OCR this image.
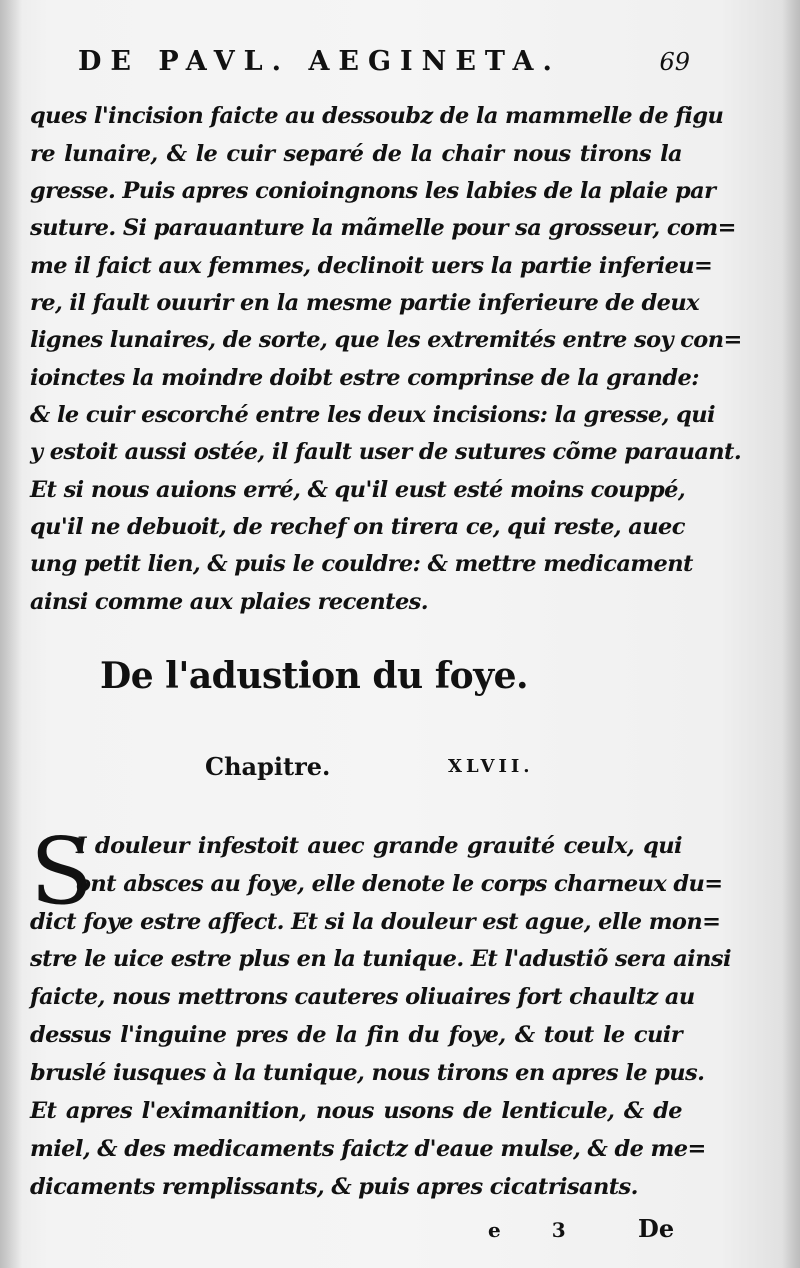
DE PAVL. AEGINETA.	69
ques l'incision faicte au dessoubz de la mammelle de figu
re lunaire, & le cuir separé de la chair nous tirons la
gresse. Puis apres conioingnons les labies de la plaie par
suture. Si parauanture la mãmelle pour sa grosseur, com=
me il faict aux femmes, declinoit uers la partie inferieu=
re, il fault ouurir en la mesme partie inferieure de deux
lignes lunaires, de sorte, que les extremités entre soy con=
ioinctes la moindre doibt estre comprinse de la grande:
& le cuir escorché entre les deux incisions: la gresse, qui
y estoit aussi ostée, il fault user de sutures cõme parauant.
Et si nous auions erré, & qu'il eust esté moins couppé,
qu'il ne debuoit, de rechef on tirera ce, qui reste, auec
ung petit lien, & puis le couldre: & mettre medicament
ainsi comme aux plaies recentes.
De l'adustion du foye.
Chapitre.	XLVII.
S
I douleur infestoit auec grande grauité ceulx, qui
ont absces au foye, elle denote le corps charneux du=
dict foye estre affect. Et si la douleur est ague, elle mon=
stre le uice estre plus en la tunique. Et l'adustiõ sera ainsi
faicte, nous mettrons cauteres oliuaires fort chaultz au
dessus l'inguine pres de la fin du foye, & tout le cuir
bruslé iusques à la tunique, nous tirons en apres le pus.
Et apres l'eximanition, nous usons de lenticule, & de
miel, & des medicaments faictz d'eaue mulse, & de me=
dicaments remplissants, & puis apres cicatrisants.
e 3 De
